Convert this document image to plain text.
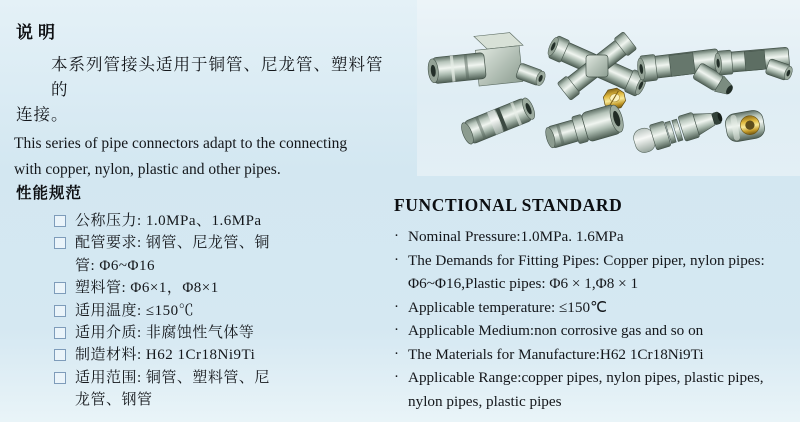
说明
本系列管接头适用于铜管、尼龙管、塑料管的
连接。
This series of pipe connectors adapt to the connecting
with copper, nylon, plastic and other pipes.
性能规范
公称压力: 1.0MPa、1.6MPa
配管要求: 钢管、尼龙管、铜
管: Φ6~Φ16
塑料管: Φ6×1，Φ8×1
适用温度: ≤150℃
适用介质: 非腐蚀性气体等
制造材料: H62 1Cr18Ni9Ti
适用范围: 铜管、塑料管、尼
龙管、钢管
FUNCTIONAL STANDARD
· Nominal Pressure:1.0MPa. 1.6MPa
· The Demands for Fitting Pipes: Copper piper, nylon pipes:
Φ6~Φ16,Plastic pipes: Φ6 × 1,Φ8 × 1
· Applicable temperature: ≤150℃
· Applicable Medium:non corrosive gas and so on
· The Materials for Manufacture:H62 1Cr18Ni9Ti
· Applicable Range:copper pipes, nylon pipes, plastic pipes,
nylon pipes, plastic pipes
